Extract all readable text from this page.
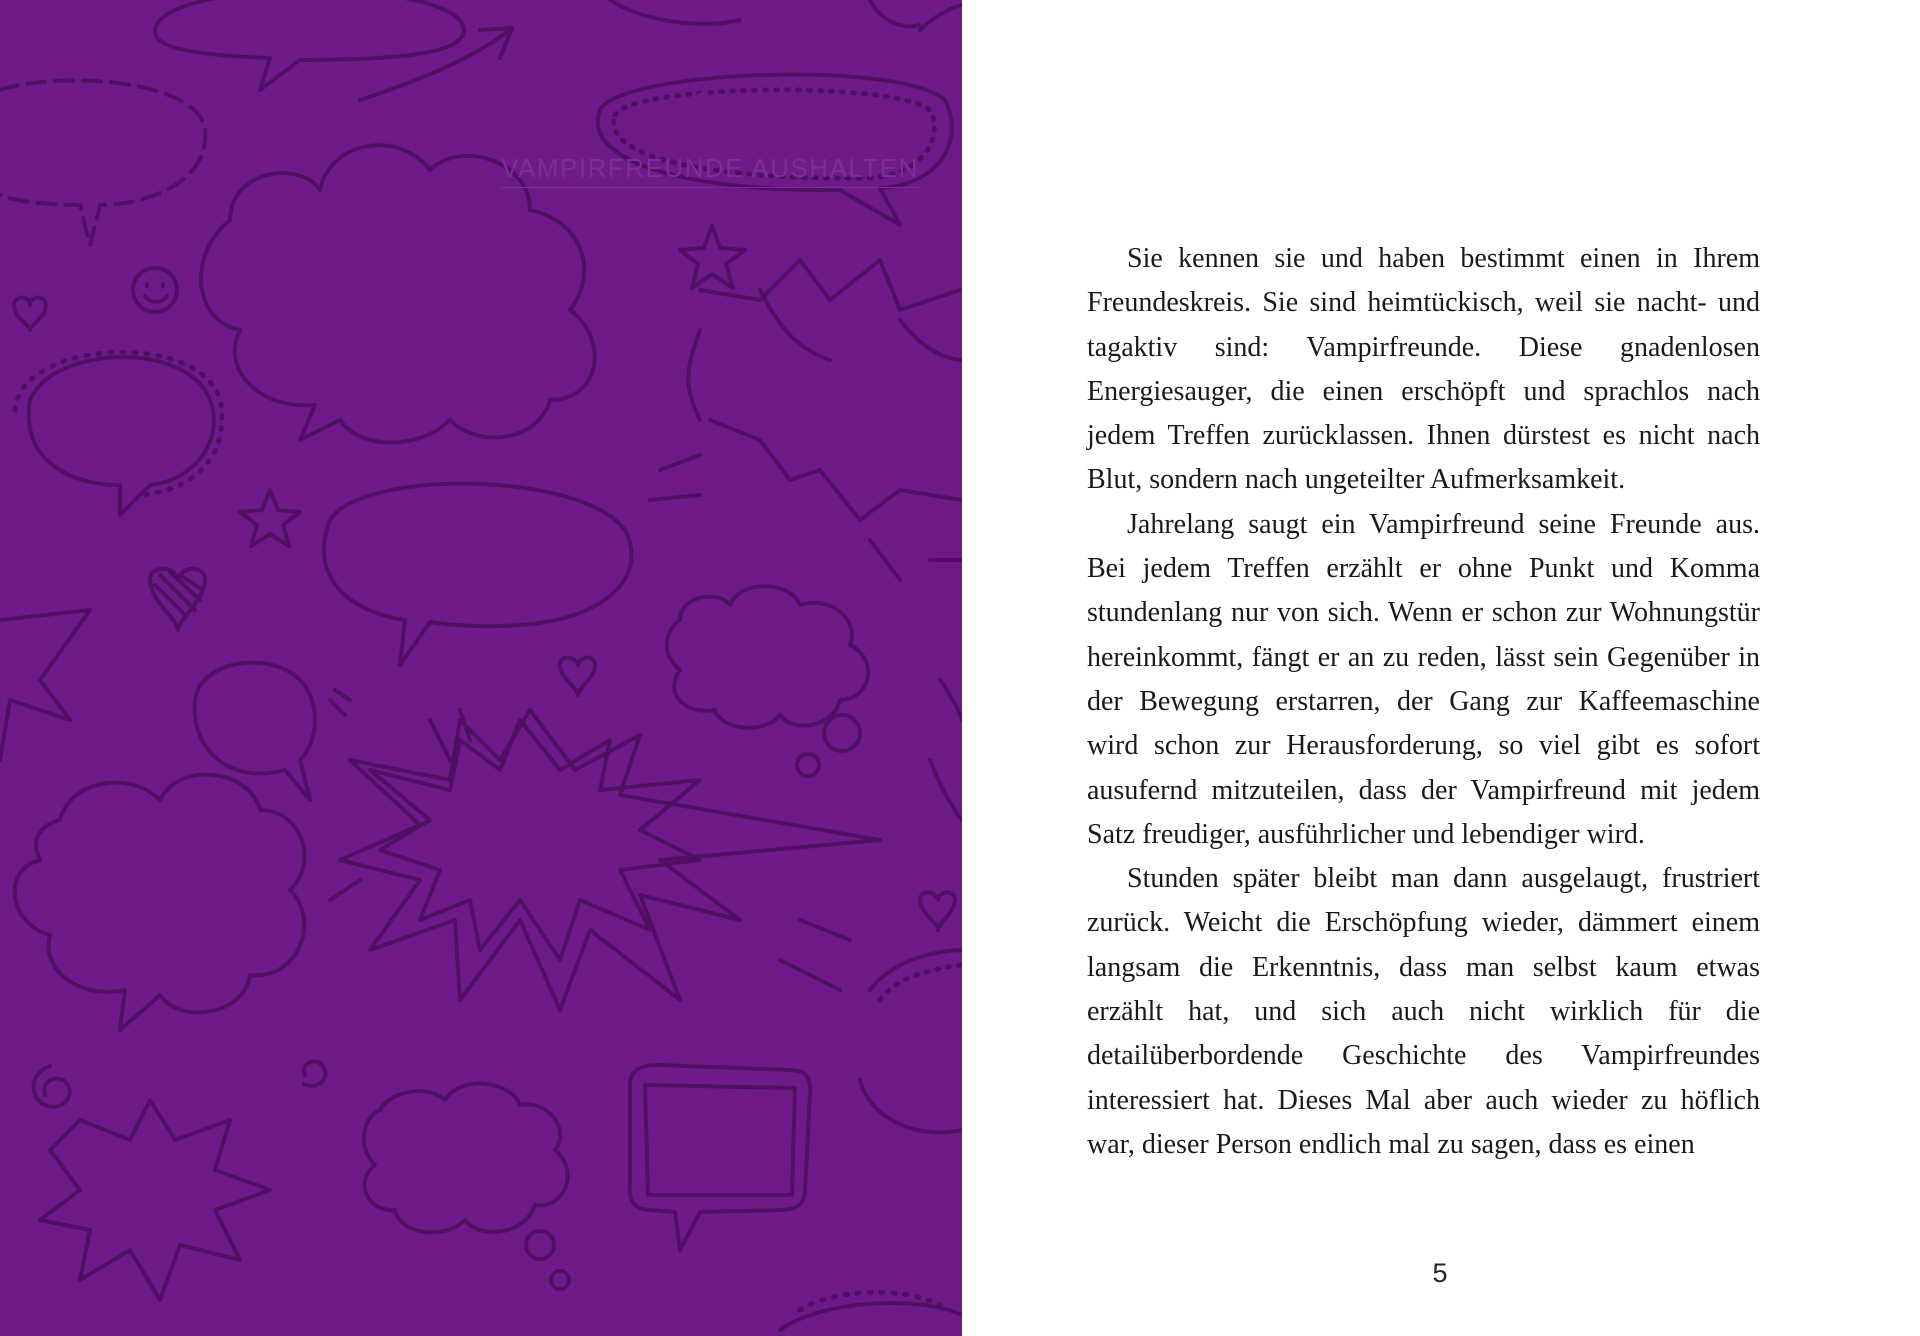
1.
VAMPIRFREUNDE AUSHALTEN

Sie kennen sie und haben bestimmt einen in Ihrem Freundeskreis. Sie sind heimtückisch, weil sie nacht- und tagaktiv sind: Vampirfreunde. Diese gnadenlosen Energiesauger, die einen erschöpft und sprachlos nach jedem Treffen zurücklassen. Ihnen dürstest es nicht nach Blut, sondern nach ungeteilter Aufmerksamkeit.

Jahrelang saugt ein Vampirfreund seine Freunde aus. Bei jedem Treffen erzählt er ohne Punkt und Komma stundenlang nur von sich. Wenn er schon zur Wohnungstür hereinkommt, fängt er an zu reden, lässt sein Gegenüber in der Bewegung erstarren, der Gang zur Kaffeemaschine wird schon zur Herausforderung, so viel gibt es sofort ausufernd mitzuteilen, dass der Vampirfreund mit jedem Satz freudiger, ausführlicher und lebendiger wird.

Stunden später bleibt man dann ausgelaugt, frustriert zurück. Weicht die Erschöpfung wieder, dämmert einem langsam die Erkenntnis, dass man selbst kaum etwas erzählt hat, und sich auch nicht wirklich für die detailüberbordende Geschichte des Vampirfreundes interessiert hat. Dieses Mal aber auch wieder zu höflich war, dieser Person endlich mal zu sagen, dass es einen

5
